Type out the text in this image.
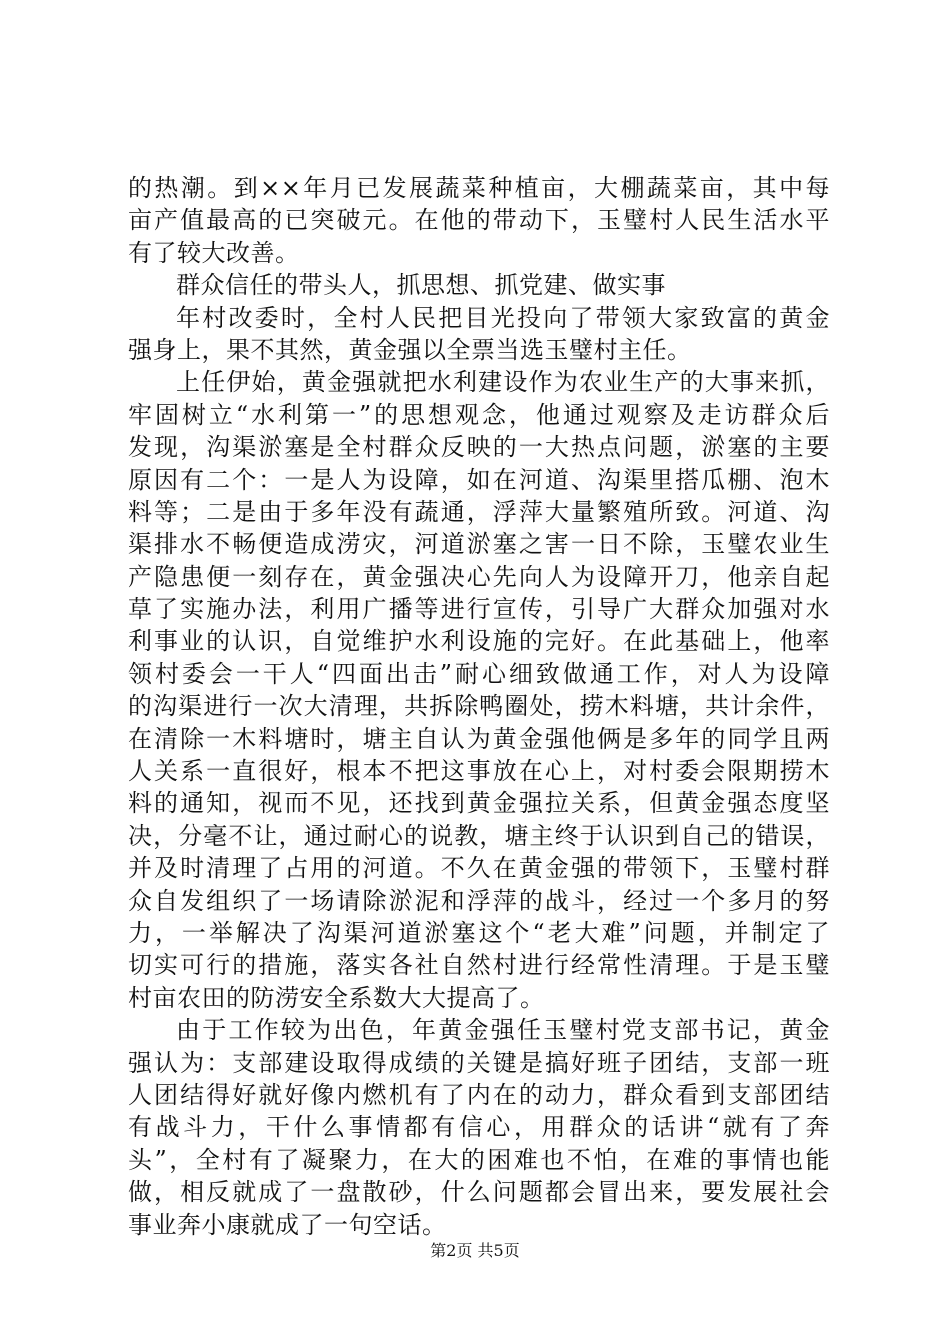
的热潮。到××年月已发展蔬菜种植亩，大棚蔬菜亩，其中每
亩产值最高的已突破元。在他的带动下，玉璧村人民生活水平
有了较大改善。
群众信任的带头人，抓思想、抓党建、做实事
年村改委时，全村人民把目光投向了带领大家致富的黄金
强身上，果不其然，黄金强以全票当选玉璧村主任。
上任伊始，黄金强就把水利建设作为农业生产的大事来抓，
牢固树立“水利第一”的思想观念，他通过观察及走访群众后
发现，沟渠淤塞是全村群众反映的一大热点问题，淤塞的主要
原因有二个：一是人为设障，如在河道、沟渠里搭瓜棚、泡木
料等；二是由于多年没有蔬通，浮萍大量繁殖所致。河道、沟
渠排水不畅便造成涝灾，河道淤塞之害一日不除，玉璧农业生
产隐患便一刻存在，黄金强决心先向人为设障开刀，他亲自起
草了实施办法，利用广播等进行宣传，引导广大群众加强对水
利事业的认识，自觉维护水利设施的完好。在此基础上，他率
领村委会一干人“四面出击”耐心细致做通工作，对人为设障
的沟渠进行一次大清理，共拆除鸭圈处，捞木料塘，共计余件，
在清除一木料塘时，塘主自认为黄金强他俩是多年的同学且两
人关系一直很好，根本不把这事放在心上，对村委会限期捞木
料的通知，视而不见，还找到黄金强拉关系，但黄金强态度坚
决，分毫不让，通过耐心的说教，塘主终于认识到自己的错误，
并及时清理了占用的河道。不久在黄金强的带领下，玉璧村群
众自发组织了一场请除淤泥和浮萍的战斗，经过一个多月的努
力，一举解决了沟渠河道淤塞这个“老大难”问题，并制定了
切实可行的措施，落实各社自然村进行经常性清理。于是玉璧
村亩农田的防涝安全系数大大提高了。
由于工作较为出色，年黄金强任玉璧村党支部书记，黄金
强认为：支部建设取得成绩的关键是搞好班子团结，支部一班
人团结得好就好像内燃机有了内在的动力，群众看到支部团结
有战斗力，干什么事情都有信心，用群众的话讲“就有了奔
头”，全村有了凝聚力，在大的困难也不怕，在难的事情也能
做，相反就成了一盘散砂，什么问题都会冒出来，要发展社会
事业奔小康就成了一句空话。
第2页 共5页
